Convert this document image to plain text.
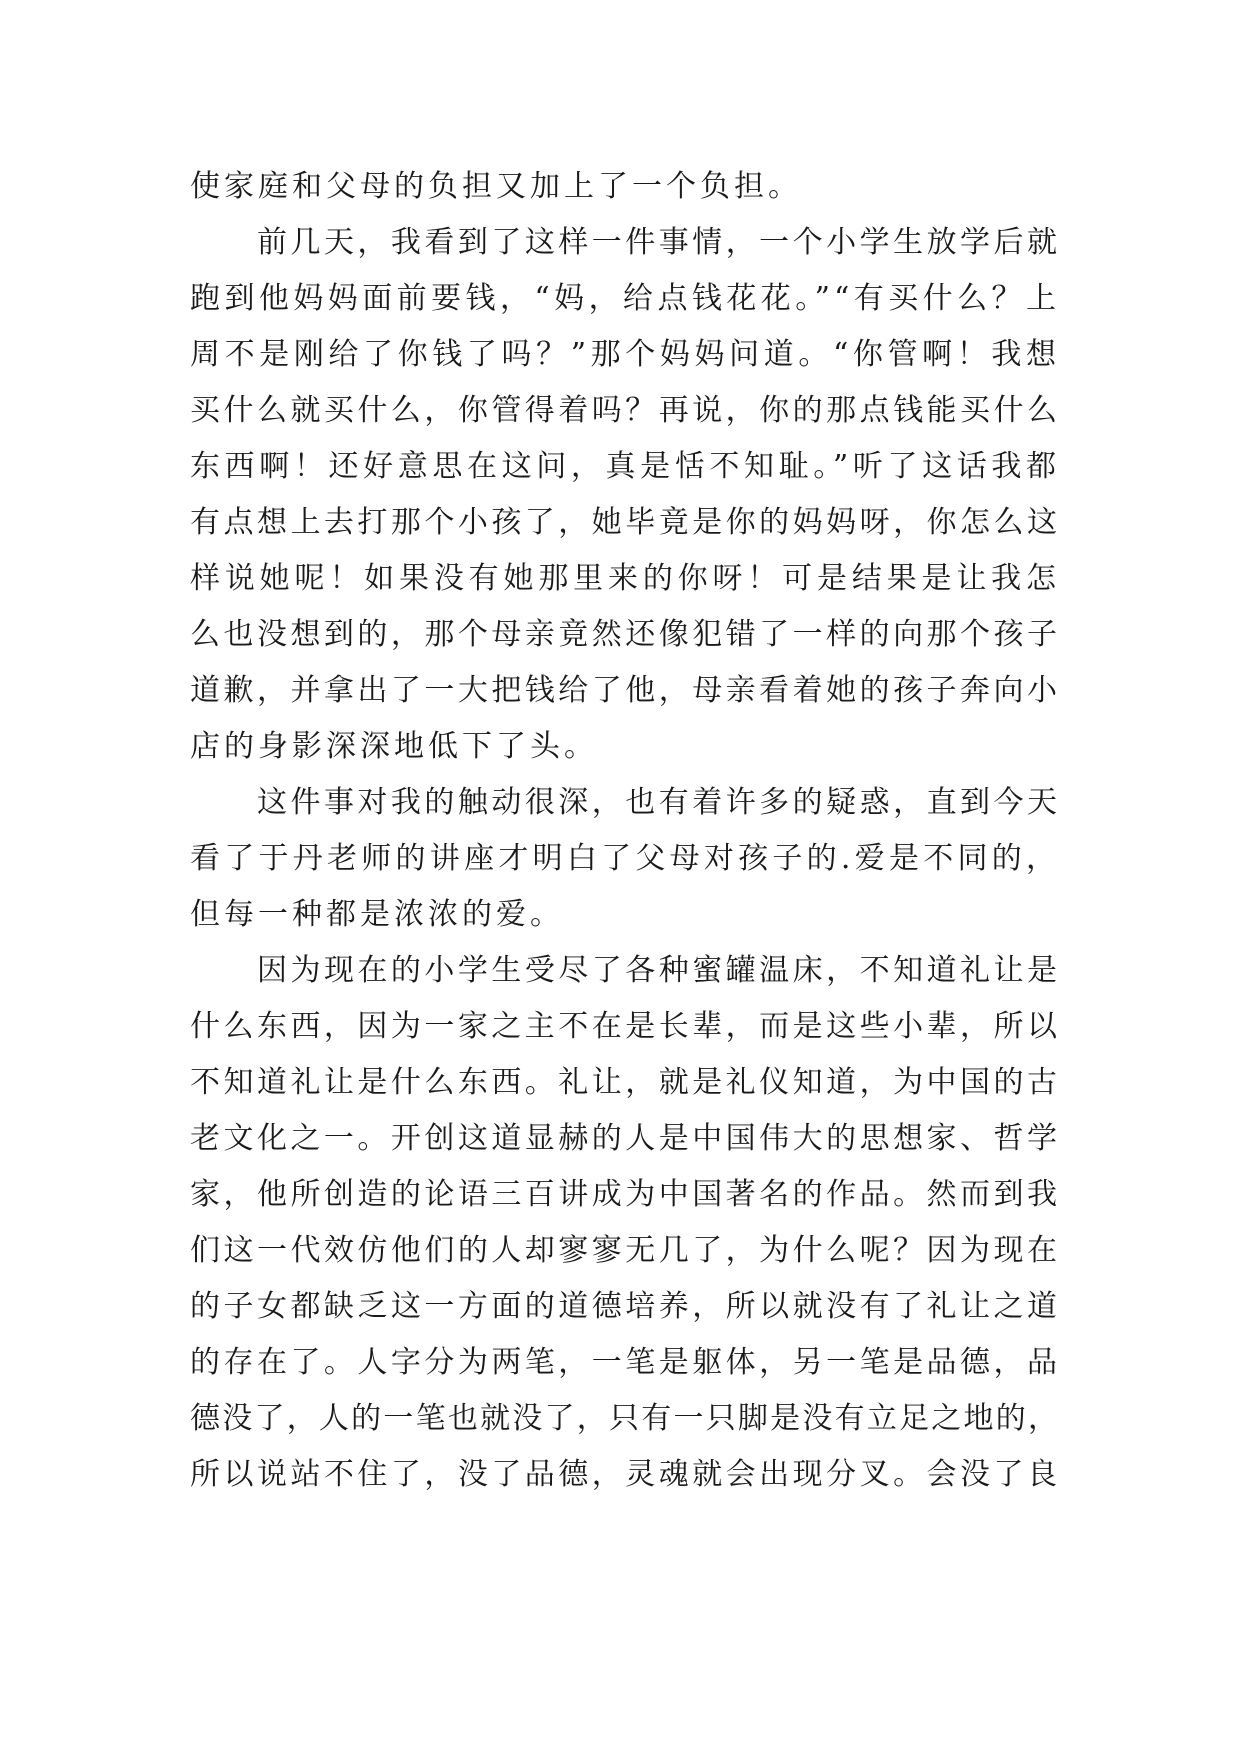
使家庭和父母的负担又加上了一个负担。
前几天，我看到了这样一件事情，一个小学生放学后就
跑到他妈妈面前要钱，“妈，给点钱花花。”“有买什么？上
周不是刚给了你钱了吗？”那个妈妈问道。“你管啊！我想
买什么就买什么，你管得着吗？再说，你的那点钱能买什么
东西啊！还好意思在这问，真是恬不知耻。”听了这话我都
有点想上去打那个小孩了，她毕竟是你的妈妈呀，你怎么这
样说她呢！如果没有她那里来的你呀！可是结果是让我怎
么也没想到的，那个母亲竟然还像犯错了一样的向那个孩子
道歉，并拿出了一大把钱给了他，母亲看着她的孩子奔向小
店的身影深深地低下了头。
这件事对我的触动很深，也有着许多的疑惑，直到今天
看了于丹老师的讲座才明白了父母对孩子的.爱是不同的，
但每一种都是浓浓的爱。
因为现在的小学生受尽了各种蜜罐温床，不知道礼让是
什么东西，因为一家之主不在是长辈，而是这些小辈，所以
不知道礼让是什么东西。礼让，就是礼仪知道，为中国的古
老文化之一。开创这道显赫的人是中国伟大的思想家、哲学
家，他所创造的论语三百讲成为中国著名的作品。然而到我
们这一代效仿他们的人却寥寥无几了，为什么呢？因为现在
的子女都缺乏这一方面的道德培养，所以就没有了礼让之道
的存在了。人字分为两笔，一笔是躯体，另一笔是品德，品
德没了，人的一笔也就没了，只有一只脚是没有立足之地的，
所以说站不住了，没了品德，灵魂就会出现分叉。会没了良
